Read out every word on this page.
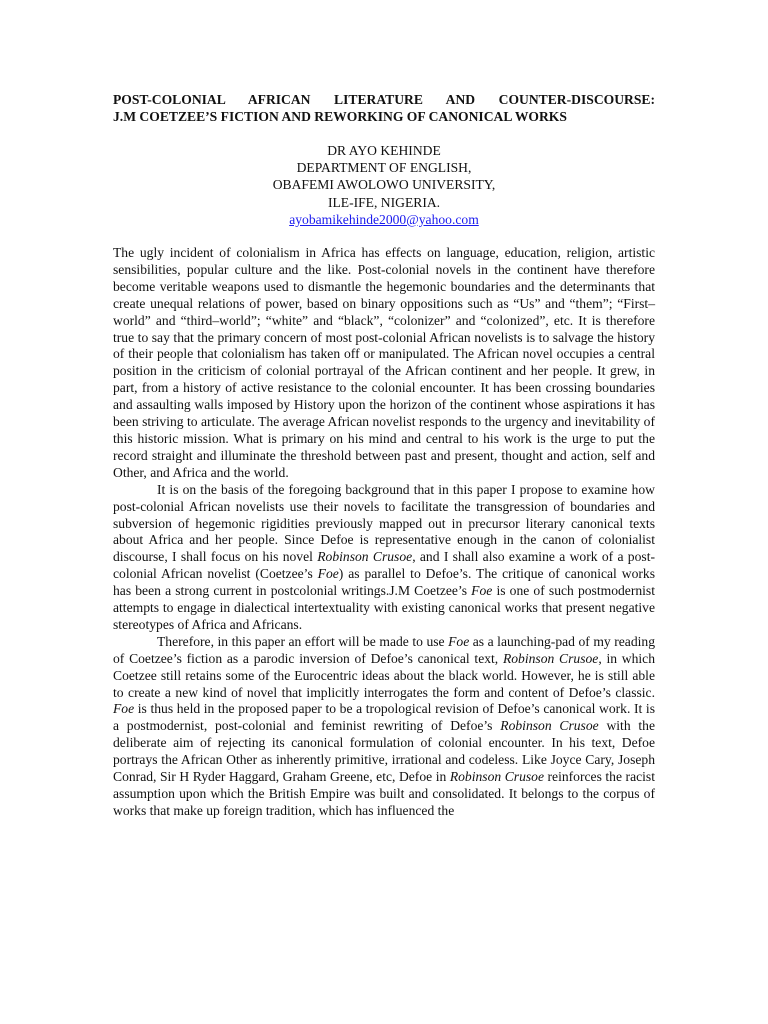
POST-COLONIAL AFRICAN LITERATURE AND COUNTER-DISCOURSE:
J.M COETZEE’S FICTION AND REWORKING OF CANONICAL WORKS
DR AYO KEHINDE
DEPARTMENT OF ENGLISH,
OBAFEMI AWOLOWO UNIVERSITY,
ILE-IFE, NIGERIA.
ayobamikehinde2000@yahoo.com

The ugly incident of colonialism in Africa has effects on language, education, religion, artistic sensibilities, popular culture and the like. Post-colonial novels in the continent have therefore become veritable weapons used to dismantle the hegemonic boundaries and the determinants that create unequal relations of power, based on binary oppositions such as “Us” and “them”; “First–world” and “third–world”; “white” and “black”, “colonizer” and “colonized”, etc. It is therefore true to say that the primary concern of most post-colonial African novelists is to salvage the history of their people that colonialism has taken off or manipulated. The African novel occupies a central position in the criticism of colonial portrayal of the African continent and her people. It grew, in part, from a history of active resistance to the colonial encounter. It has been crossing boundaries and assaulting walls imposed by History upon the horizon of the continent whose aspirations it has been striving to articulate. The average African novelist responds to the urgency and inevitability of this historic mission. What is primary on his mind and central to his work is the urge to put the record straight and illuminate the threshold between past and present, thought and action, self and Other, and Africa and the world.

It is on the basis of the foregoing background that in this paper I propose to examine how post-colonial African novelists use their novels to facilitate the transgression of boundaries and subversion of hegemonic rigidities previously mapped out in precursor literary canonical texts about Africa and her people. Since Defoe is representative enough in the canon of colonialist discourse, I shall focus on his novel Robinson Crusoe, and I shall also examine a work of a post-colonial African novelist (Coetzee’s Foe) as parallel to Defoe’s. The critique of canonical works has been a strong current in postcolonial writings.J.M Coetzee’s Foe is one of such postmodernist attempts to engage in dialectical intertextuality with existing canonical works that present negative stereotypes of Africa and Africans.

Therefore, in this paper an effort will be made to use Foe as a launching-pad of my reading of Coetzee’s fiction as a parodic inversion of Defoe’s canonical text, Robinson Crusoe, in which Coetzee still retains some of the Eurocentric ideas about the black world. However, he is still able to create a new kind of novel that implicitly interrogates the form and content of Defoe’s classic. Foe is thus held in the proposed paper to be a tropological revision of Defoe’s canonical work. It is a postmodernist, post-colonial and feminist rewriting of Defoe’s Robinson Crusoe with the deliberate aim of rejecting its canonical formulation of colonial encounter. In his text, Defoe portrays the African Other as inherently primitive, irrational and codeless. Like Joyce Cary, Joseph Conrad, Sir H Ryder Haggard, Graham Greene, etc, Defoe in Robinson Crusoe reinforces the racist assumption upon which the British Empire was built and consolidated. It belongs to the corpus of works that make up foreign tradition, which has influenced the
